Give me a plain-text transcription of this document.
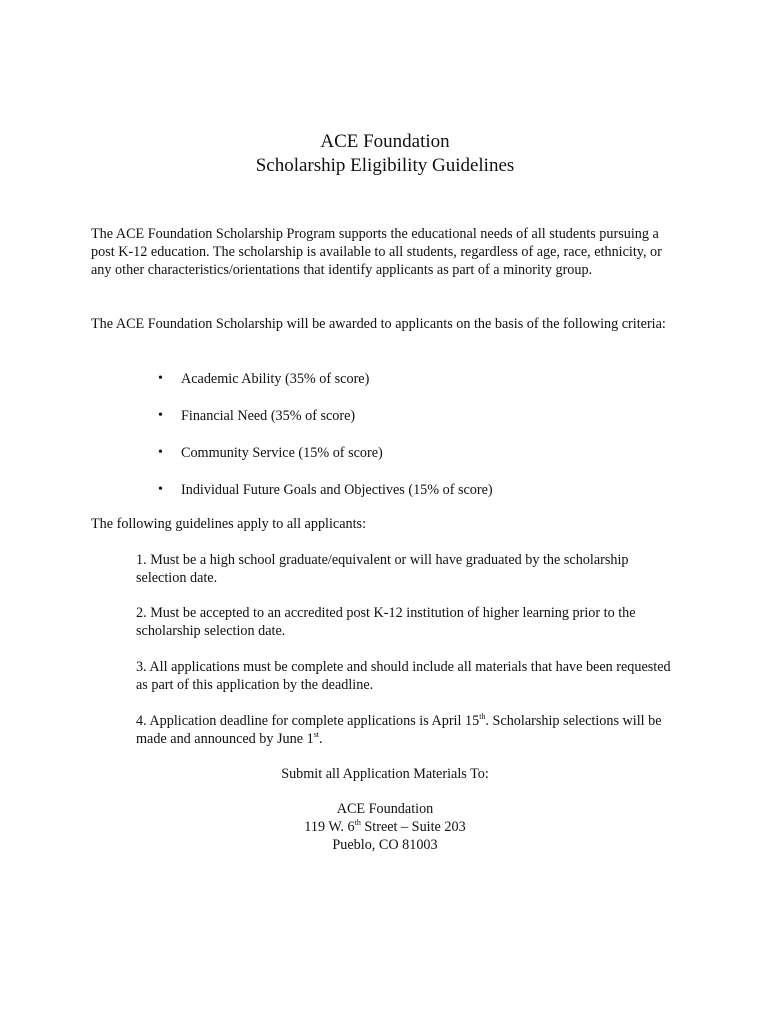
ACE Foundation
Scholarship Eligibility Guidelines
The ACE Foundation Scholarship Program supports the educational needs of all students pursuing a post K-12 education. The scholarship is available to all students, regardless of age, race, ethnicity, or any other characteristics/orientations that identify applicants as part of a minority group.
The ACE Foundation Scholarship will be awarded to applicants on the basis of the following criteria:
• Academic Ability (35% of score)
• Financial Need (35% of score)
• Community Service (15% of score)
• Individual Future Goals and Objectives (15% of score)
The following guidelines apply to all applicants:
1. Must be a high school graduate/equivalent or will have graduated by the scholarship selection date.
2. Must be accepted to an accredited post K-12 institution of higher learning prior to the scholarship selection date.
3. All applications must be complete and should include all materials that have been requested as part of this application by the deadline.
4. Application deadline for complete applications is April 15th. Scholarship selections will be made and announced by June 1st.
Submit all Application Materials To:
ACE Foundation
119 W. 6th Street – Suite 203
Pueblo, CO 81003
